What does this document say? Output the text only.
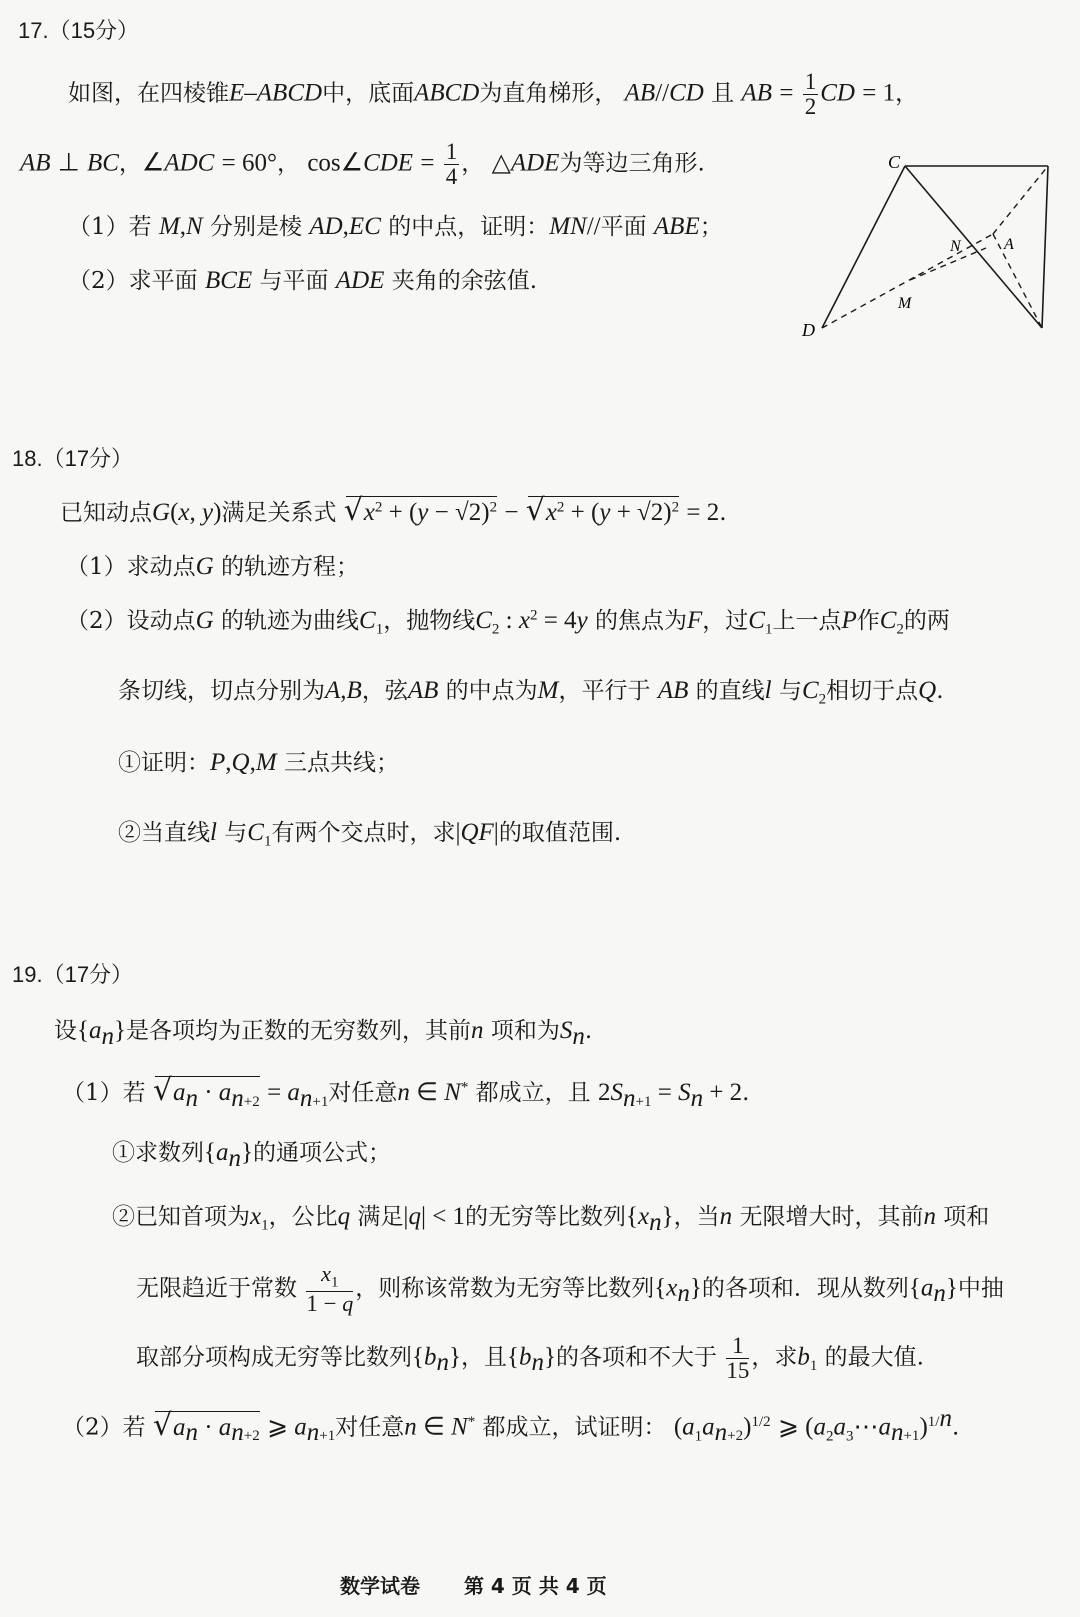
17.（15分）
如图，在四棱锥E–ABCD中，底面ABCD为直角梯形， AB//CD 且 AB = $\frac{1}{2}$ CD = 1，
AB ⊥ BC，∠ADC = 60°， cos∠CDE = $\frac{1}{4}$ ， △ADE为等边三角形.
（1）若 M,N 分别是棱 AD,EC 的中点，证明：MN//平面 ABE；
（2）求平面 BCE 与平面 ADE 夹角的余弦值.
C
N	A
M
D
18.（17分）
已知动点G(x, y)满足关系式 √ $x^2 + (y - √2)^2$ − √ $x^2 + (y + √2)^2 = 2$.
（1）求动点G 的轨迹方程；
（2）设动点G 的轨迹为曲线$C_1$，抛物线$C_2$ : $x^2 = 4y$ 的焦点为F，过$C_1$上一点P作$C_2$的两
条切线，切点分别为A,B，弦AB 的中点为M，平行于 AB 的直线l 与$C_2$相切于点Q.
①证明：P,Q,M 三点共线；
②当直线l 与$C_1$有两个交点时，求|QF|的取值范围.
19.（17分）
设$\{a_n\}$是各项均为正数的无穷数列，其前n 项和为$S_n$.
（1）若 √ $a_n \cdot a_{n+2} = a_{n+1}$对任意n ∈ N* 都成立，且 $2S_{n+1} = S_n + 2$.
①求数列$\{a_n\}$的通项公式；
②已知首项为$x_1$，公比q 满足|q| < 1的无穷等比数列$\{x_n\}$，当n 无限增大时，其前n 项和
无限趋近于常数 $\frac{x_1}{1 - q}$ ，则称该常数为无穷等比数列$\{x_n\}$的各项和．现从数列$\{a_n\}$中抽
取部分项构成无穷等比数列$\{b_n\}$，且$\{b_n\}$的各项和不大于 $\frac{1}{15}$ ，求$b_1$ 的最大值.
（2）若 √ $a_n \cdot a_{n+2}$ ⩾ $a_{n+1}$对任意n ∈ N* 都成立，试证明： $(a_1a_{n+2})^{1/2}$ ⩾ $(a_2a_3\cdots a_{n+1})^{1/n}$.
数学试卷 第 4 页 共 4 页
